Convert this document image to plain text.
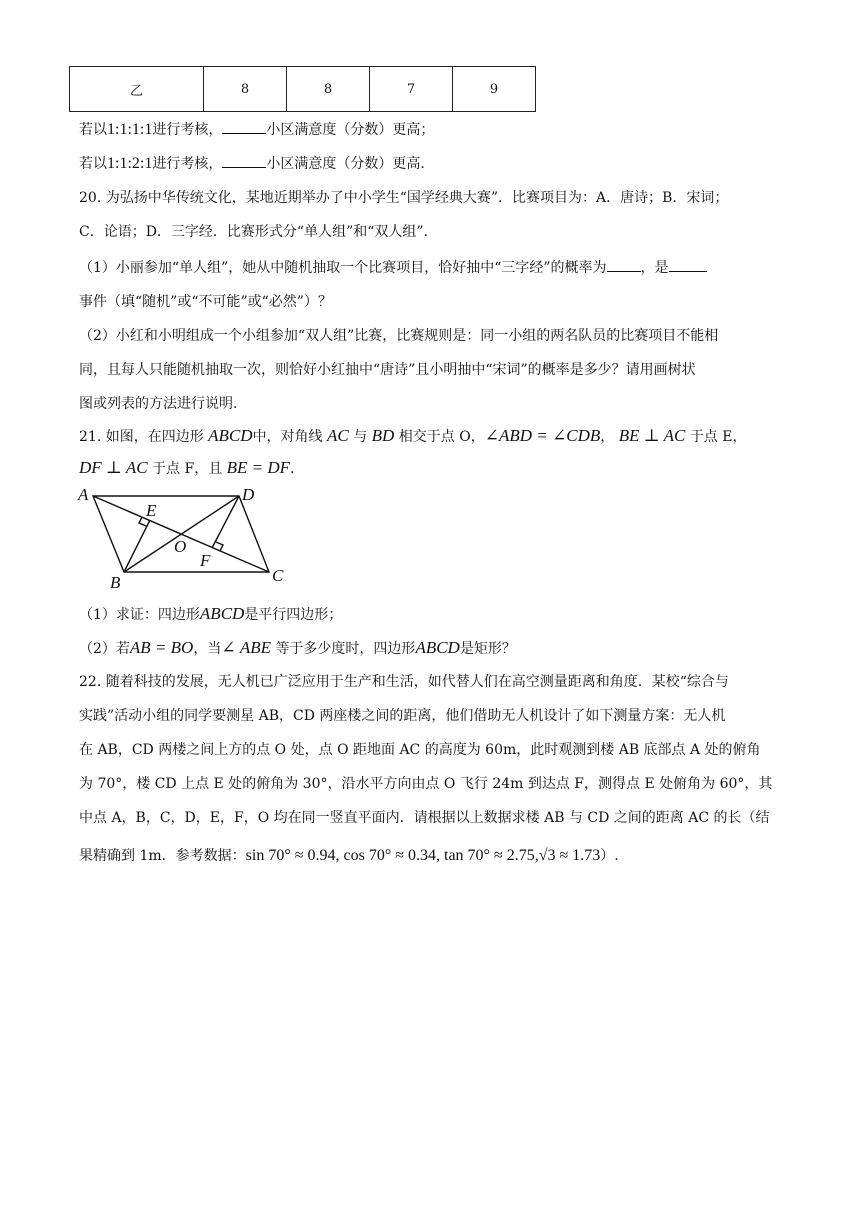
乙	8	8	7	9
若以1:1:1:1进行考核，	小区满意度（分数）更高；
若以1:1:2:1进行考核，	小区满意度（分数）更高.
20. 为弘扬中华传统文化，某地近期举办了中小学生“国学经典大赛”．比赛项目为：A．唐诗；B．宋词；
C．论语；D．三字经．比赛形式分“单人组”和“双人组”．
（1）小丽参加“单人组”，她从中随机抽取一个比赛项目，恰好抽中“三字经”的概率为 ，是
事件（填“随机”或“不可能”或“必然”）？
（2）小红和小明组成一个小组参加“双人组”比赛，比赛规则是：同一小组的两名队员的比赛项目不能相
同，且每人只能随机抽取一次，则恰好小红抽中“唐诗”且小明抽中“宋词”的概率是多少？请用画树状
图或列表的方法进行说明．
21. 如图，在四边形 ABCD中，对角线 AC 与 BD 相交于点 O，∠ABD = ∠CDB， BE ⊥ AC 于点 E，
DF ⊥ AC 于点 F，且 BE = DF．
A	D
C
B
E
F
O
（1）求证：四边形ABCD是平行四边形；
（2）若AB = BO，当∠ ABE 等于多少度时，四边形ABCD是矩形？
22. 随着科技的发展，无人机已广泛应用于生产和生活，如代替人们在高空测量距离和角度．某校“综合与
实践”活动小组的同学要测星 AB，CD 两座楼之间的距离，他们借助无人机设计了如下测量方案：无人机
在 AB，CD 两楼之间上方的点 O 处，点 O 距地面 AC 的高度为 60m，此时观测到楼 AB 底部点 A 处的俯角
为 70°，楼 CD 上点 E 处的俯角为 30°，沿水平方向由点 O 飞行 24m 到达点 F，测得点 E 处俯角为 60°，其
中点 A，B，C，D，E，F，O 均在同一竖直平面内．请根据以上数据求楼 AB 与 CD 之间的距离 AC 的长（结
果精确到 1m．参考数据：sin 70° ≈ 0.94, cos 70° ≈ 0.34, tan 70° ≈ 2.75,√3 ≈ 1.73）.
